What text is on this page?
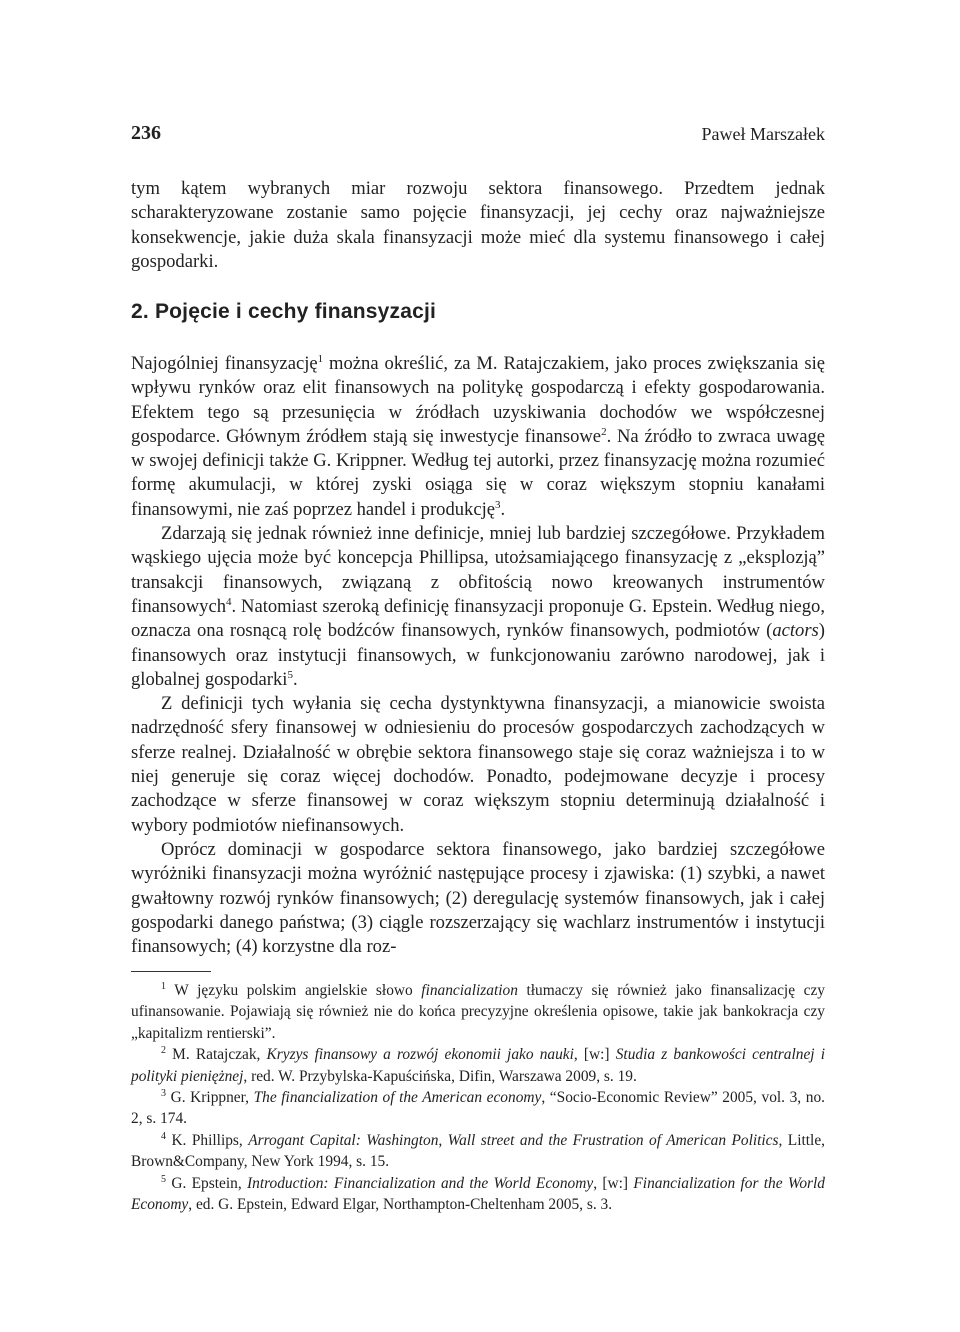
236	Paweł Marszałek

tym kątem wybranych miar rozwoju sektora finansowego. Przedtem jednak scharakteryzowane zostanie samo pojęcie finansyzacji, jej cechy oraz najważniejsze konsekwencje, jakie duża skala finansyzacji może mieć dla systemu finansowego i całej gospodarki.

2. Pojęcie i cechy finansyzacji

Najogólniej finansyzację$^1$ można określić, za M. Ratajczakiem, jako proces zwiększania się wpływu rynków oraz elit finansowych na politykę gospodarczą i efekty gospodarowania. Efektem tego są przesunięcia w źródłach uzyskiwania dochodów we współczesnej gospodarce. Głównym źródłem stają się inwestycje finansowe$^2$. Na źródło to zwraca uwagę w swojej definicji także G. Krippner. Według tej autorki, przez finansyzację można rozumieć formę akumulacji, w której zyski osiąga się w coraz większym stopniu kanałami finansowymi, nie zaś poprzez handel i produkcję$^3$.

Zdarzają się jednak również inne definicje, mniej lub bardziej szczegółowe. Przykładem wąskiego ujęcia może być koncepcja Phillipsa, utożsamiającego finansyzację z „eksplozją” transakcji finansowych, związaną z obfitością nowo kreowanych instrumentów finansowych$^4$. Natomiast szeroką definicję finansyzacji proponuje G. Epstein. Według niego, oznacza ona rosnącą rolę bodźców finansowych, rynków finansowych, podmiotów (actors) finansowych oraz instytucji finansowych, w funkcjonowaniu zarówno narodowej, jak i globalnej gospodarki$^5$.

Z definicji tych wyłania się cecha dystynktywna finansyzacji, a mianowicie swoista nadrzędność sfery finansowej w odniesieniu do procesów gospodarczych zachodzących w sferze realnej. Działalność w obrębie sektora finansowego staje się coraz ważniejsza i to w niej generuje się coraz więcej dochodów. Ponadto, podejmowane decyzje i procesy zachodzące w sferze finansowej w coraz większym stopniu determinują działalność i wybory podmiotów niefinansowych.

Oprócz dominacji w gospodarce sektora finansowego, jako bardziej szczegółowe wyróżniki finansyzacji można wyróżnić następujące procesy i zjawiska: (1) szybki, a nawet gwałtowny rozwój rynków finansowych; (2) deregulację systemów finansowych, jak i całej gospodarki danego państwa; (3) ciągle rozszerzający się wachlarz instrumentów i instytucji finansowych; (4) korzystne dla roz-

$^1$ W języku polskim angielskie słowo financialization tłumaczy się również jako finansalizację czy ufinansowanie. Pojawiają się również nie do końca precyzyjne określenia opisowe, takie jak bankokracja czy „kapitalizm rentierski”.

$^2$ M. Ratajczak, Kryzys finansowy a rozwój ekonomii jako nauki, [w:] Studia z bankowości centralnej i polityki pieniężnej, red. W. Przybylska-Kapuścińska, Difin, Warszawa 2009, s. 19.

$^3$ G. Krippner, The financialization of the American economy, “Socio-Economic Review” 2005, vol. 3, no. 2, s. 174.

$^4$ K. Phillips, Arrogant Capital: Washington, Wall street and the Frustration of American Politics, Little, Brown&Company, New York 1994, s. 15.

$^5$ G. Epstein, Introduction: Financialization and the World Economy, [w:] Financialization for the World Economy, ed. G. Epstein, Edward Elgar, Northampton-Cheltenham 2005, s. 3.
